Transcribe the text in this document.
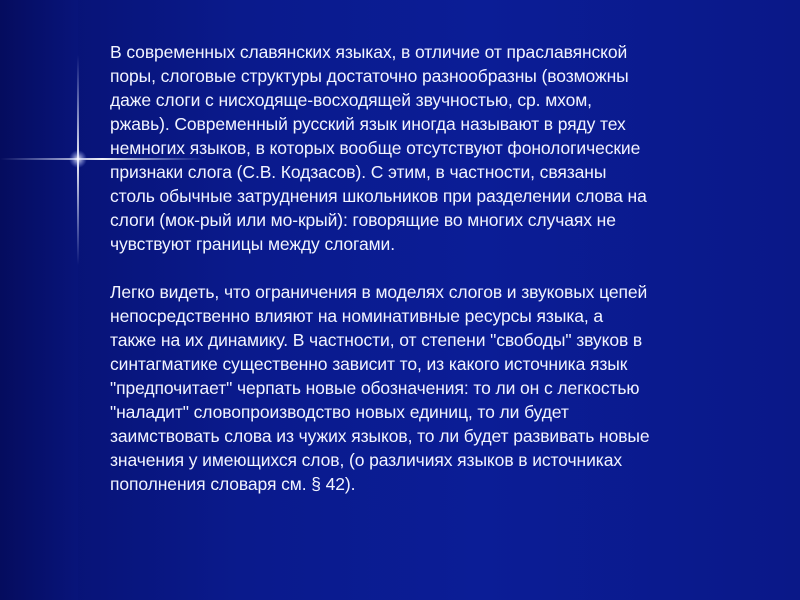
В современных славянских языках, в отличие от праславянской
поры, слоговые структуры достаточно разнообразны (возможны
даже слоги с нисходяще-восходящей звучностью, ср. мхом,
ржавь). Современный русский язык иногда называют в ряду тех
немногих языков, в которых вообще отсутствуют фонологические
признаки слога (С.В. Кодзасов). С этим, в частности, связаны
столь обычные затруднения школьников при разделении слова на
слоги (мок-рый или мо-крый): говорящие во многих случаях не
чувствуют границы между слогами.

Легко видеть, что ограничения в моделях слогов и звуковых цепей
непосредственно влияют на номинативные ресурсы языка, а
также на их динамику. В частности, от степени "свободы" звуков в
синтагматике существенно зависит то, из какого источника язык
"предпочитает" черпать новые обозначения: то ли он с легкостью
"наладит" словопроизводство новых единиц, то ли будет
заимствовать слова из чужих языков, то ли будет развивать новые
значения у имеющихся слов, (о различиях языков в источниках
пополнения словаря см. § 42).
